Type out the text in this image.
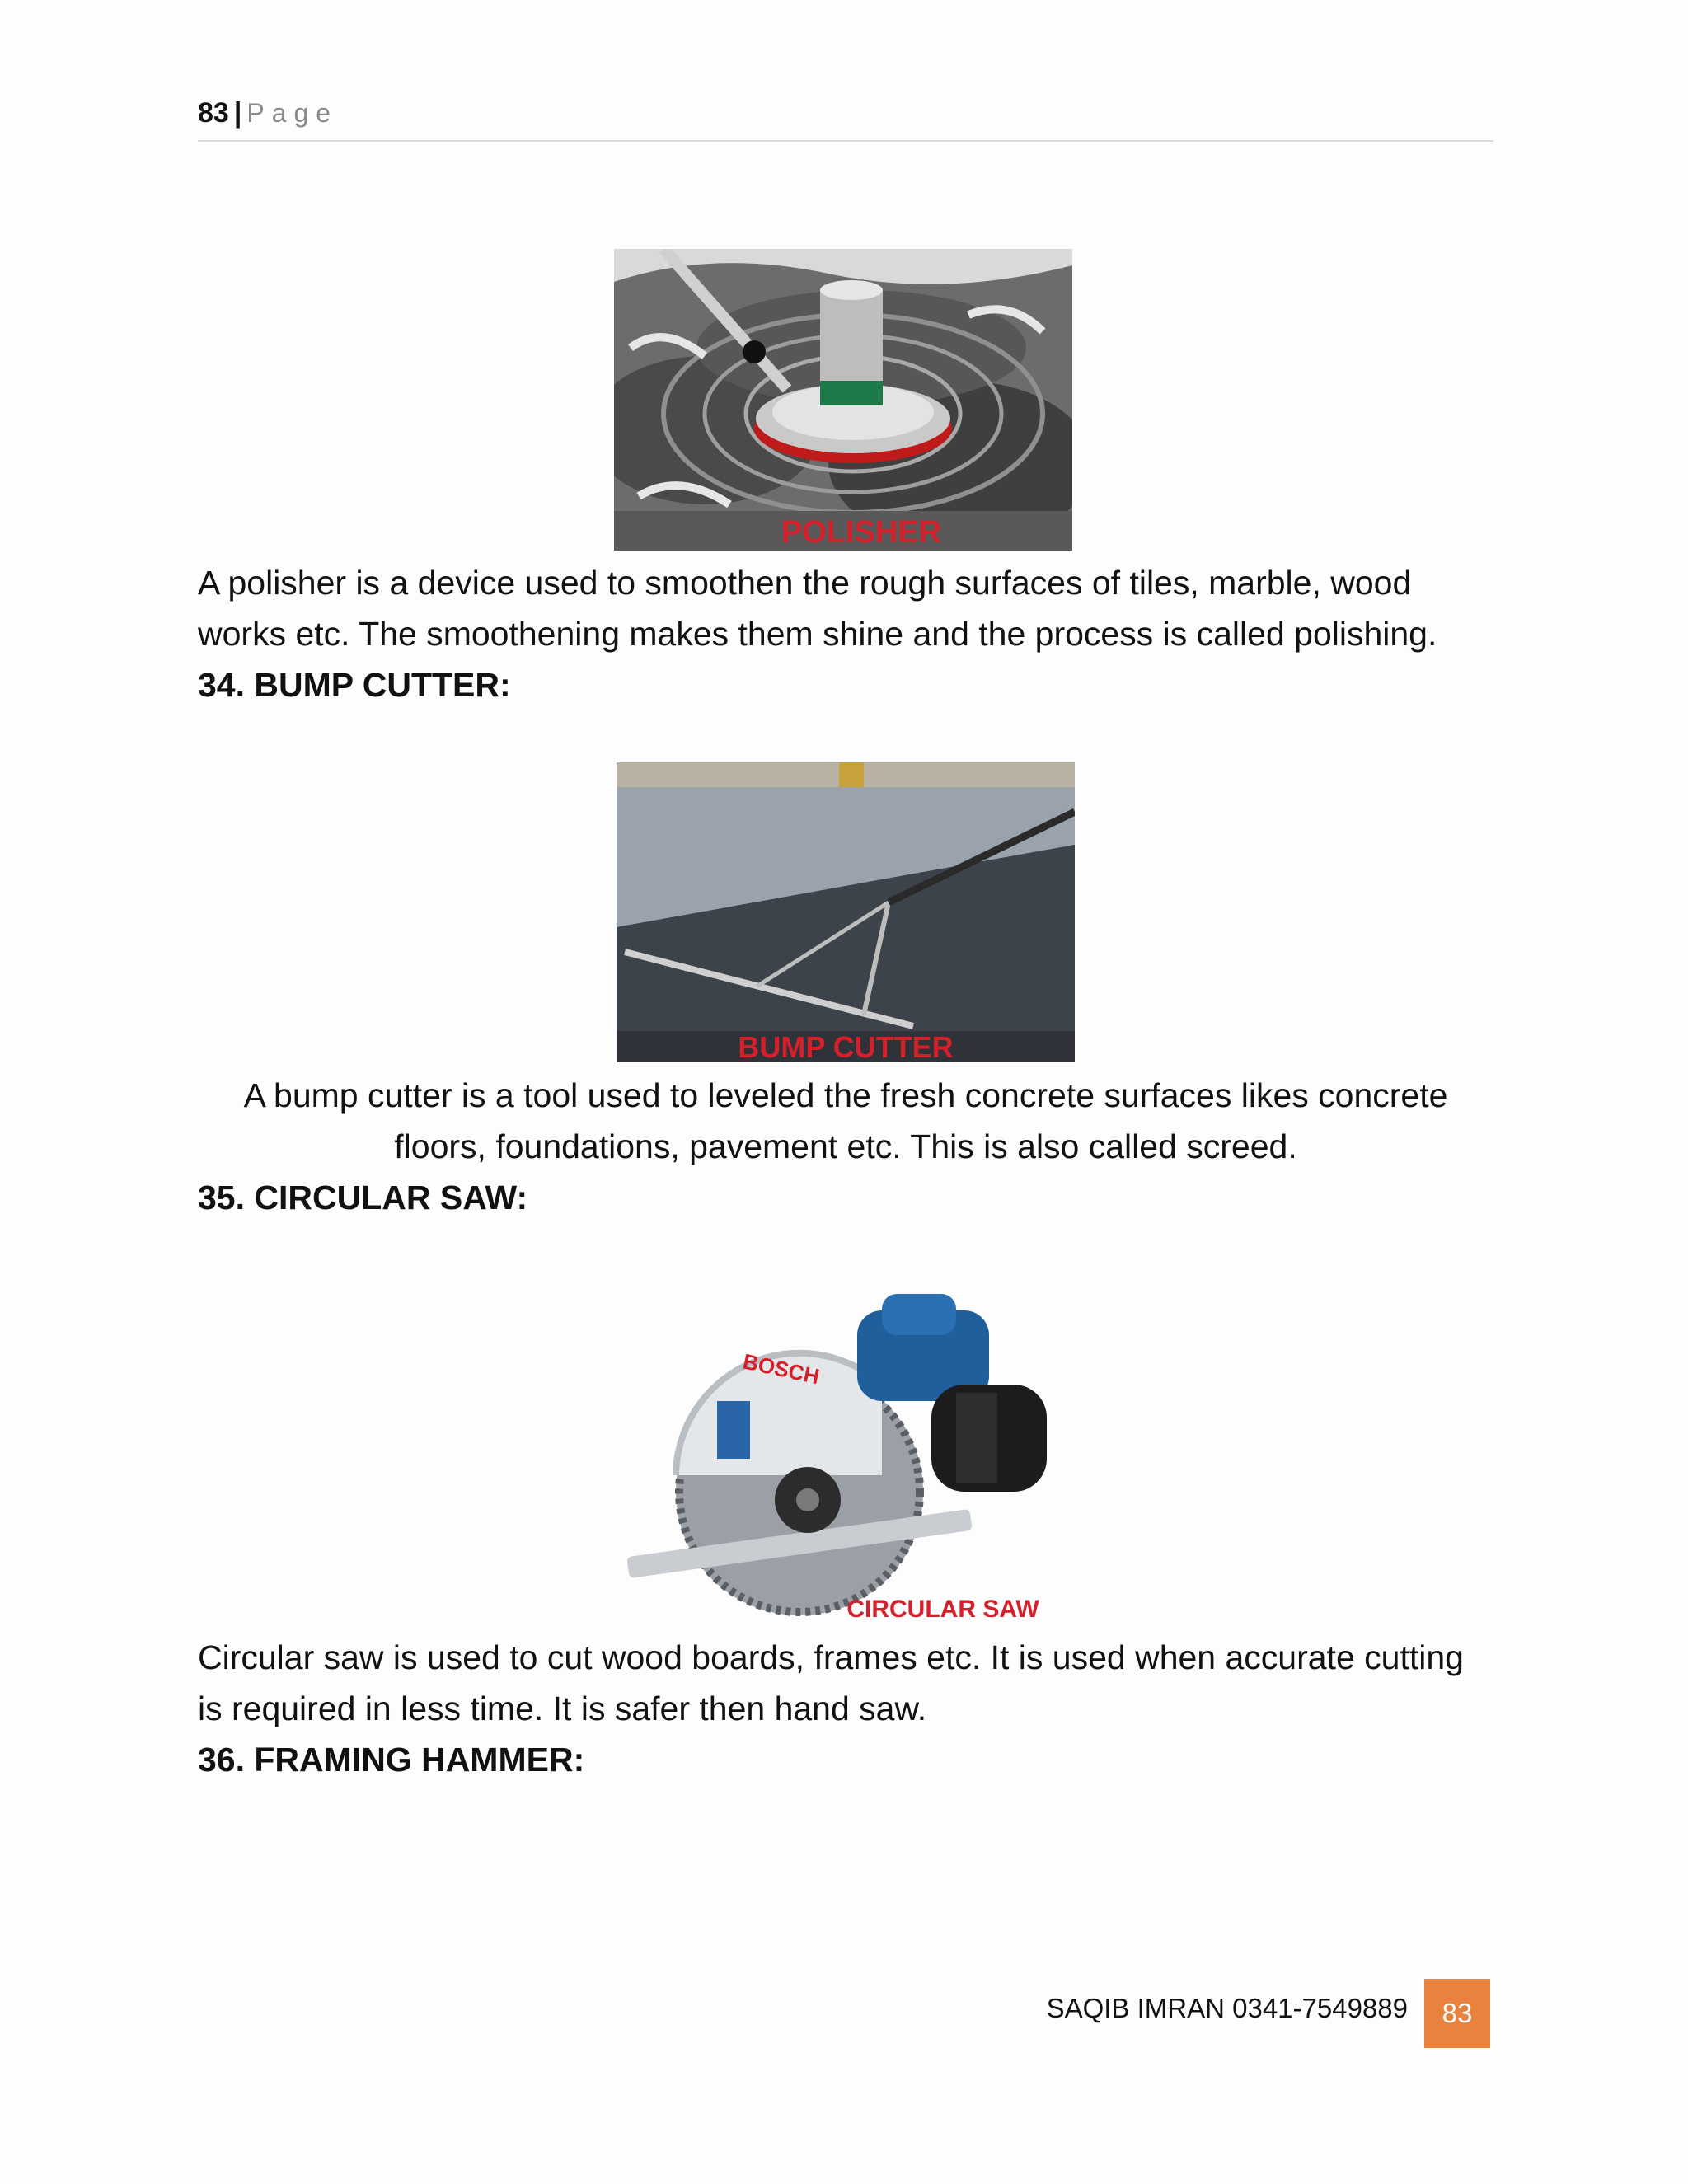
83 | Page
POLISHER

A polisher is a device used to smoothen the rough surfaces of tiles, marble, wood works etc. The smoothening makes them shine and the process is called polishing.

34. BUMP CUTTER:

BUMP CUTTER

A bump cutter is a tool used to leveled the fresh concrete surfaces likes concrete floors, foundations, pavement etc. This is also called screed.

35. CIRCULAR SAW:

BOSCH
CIRCULAR SAW

Circular saw is used to cut wood boards, frames etc. It is used when accurate cutting is required in less time. It is safer then hand saw.

36. FRAMING HAMMER:

SAQIB IMRAN 0341-7549889	83
